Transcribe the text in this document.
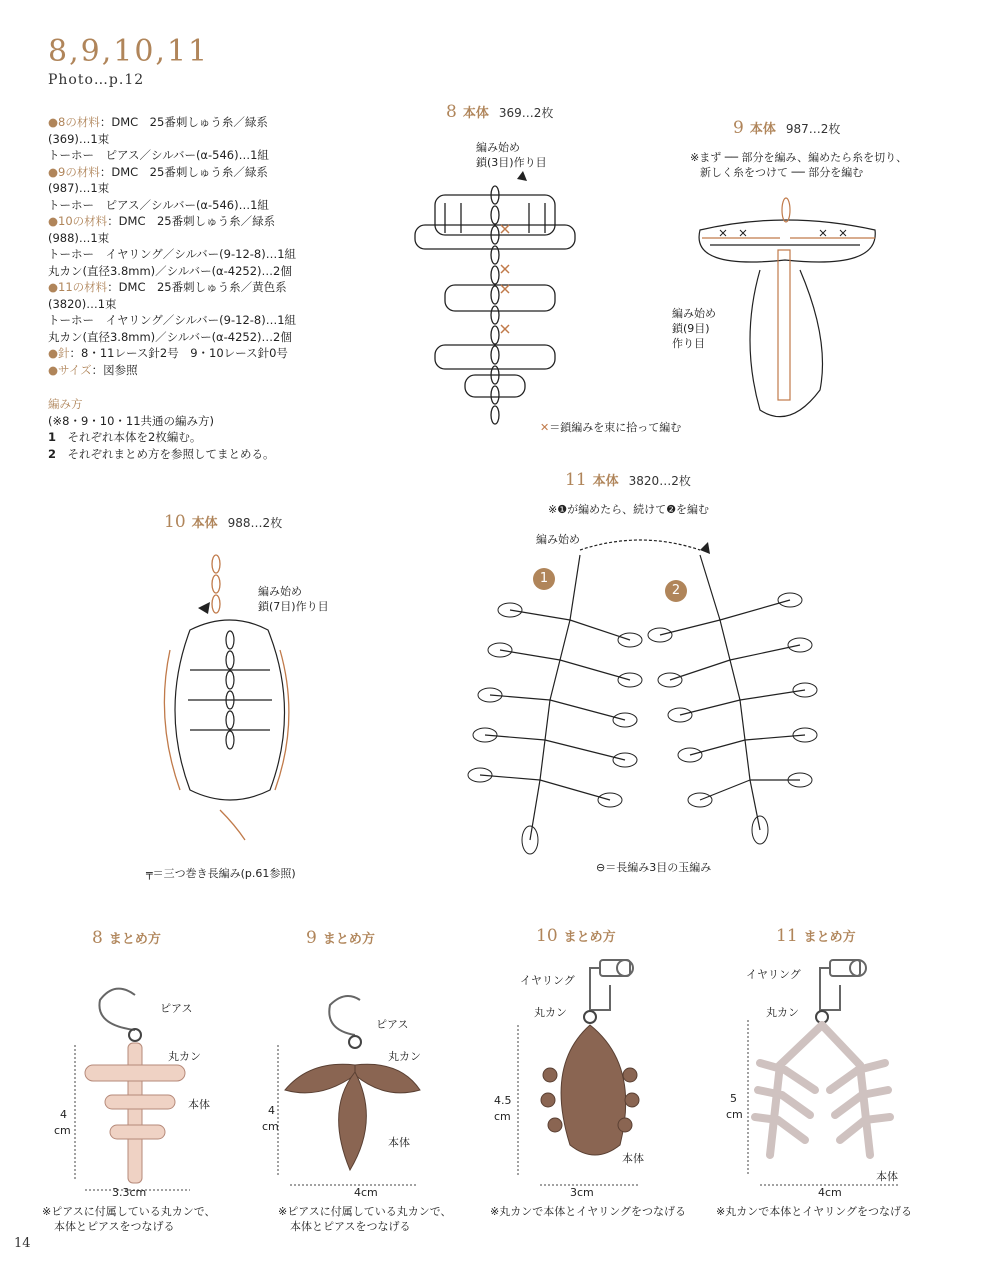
8,9,10,11
Photo…p.12
●8の材料：DMC　25番刺しゅう糸／緑系
(369)…1束
トーホー　ピアス／シルバー(α-546)…1組
●9の材料：DMC　25番刺しゅう糸／緑系
(987)…1束
トーホー　ピアス／シルバー(α-546)…1組
●10の材料：DMC　25番刺しゅう糸／緑系
(988)…1束
トーホー　イヤリング／シルバー(9-12-8)…1組
丸カン(直径3.8mm)／シルバー(α-4252)…2個
●11の材料：DMC　25番刺しゅう糸／黄色系
(3820)…1束
トーホー　イヤリング／シルバー(9-12-8)…1組
丸カン(直径3.8mm)／シルバー(α-4252)…2個
●針：8・11レース針2号　9・10レース針0号
●サイズ：図参照
編み方
(※8・9・10・11共通の編み方)
1　 それぞれ本体を2枚編む。
2　 それぞれまとめ方を参照してまとめる。
8 本体 369…2枚
編み始め
鎖(3目)作り目
✕＝鎖編みを束に拾って編む
9 本体 987…2枚
※まず ── 部分を編み、編めたら糸を切り、
新しく糸をつけて ── 部分を編む
編み始め
鎖(9目)
作り目
10 本体 988…2枚
編み始め
鎖(7目)作り目
╤＝三つ巻き長編み(p.61参照)
11 本体 3820…2枚
※❶が編めたら、続けて❷を編む
編み始め
1
2
⊖＝長編み3目の玉編み
8 まとめ方
ピアス
丸カン
本体
4
cm
3.3cm
※ピアスに付属している丸カンで、
本体とピアスをつなげる
9 まとめ方
ピアス
丸カン
本体
4
cm
4cm
※ピアスに付属している丸カンで、
本体とピアスをつなげる
10 まとめ方
イヤリング
丸カン
本体
4.5
cm
3cm
※丸カンで本体とイヤリングをつなげる
11 まとめ方
イヤリング
丸カン
本体
5
cm
4cm
※丸カンで本体とイヤリングをつなげる
14
